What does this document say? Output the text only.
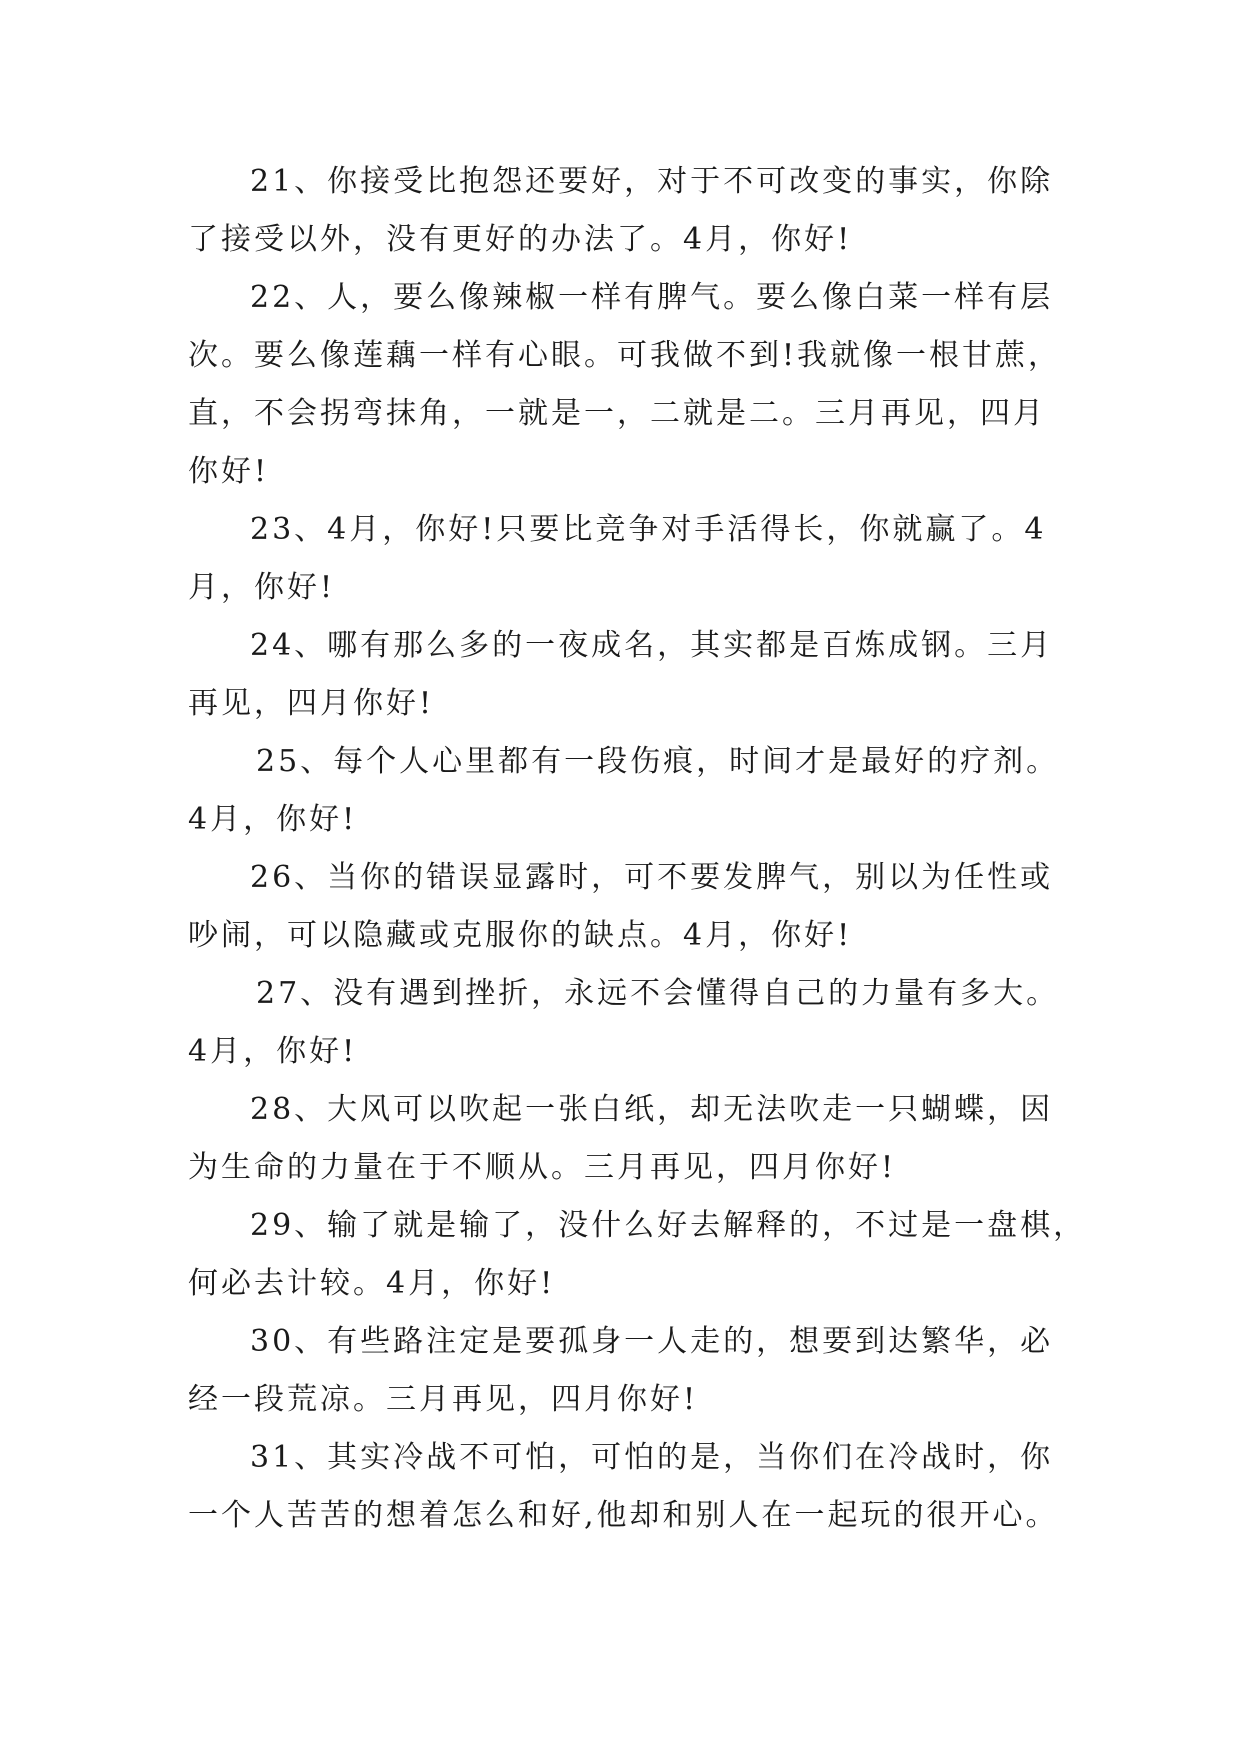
21、你接受比抱怨还要好，对于不可改变的事实，你除
了接受以外，没有更好的办法了。4月，你好!
22、人，要么像辣椒一样有脾气。要么像白菜一样有层
次。要么像莲藕一样有心眼。可我做不到!我就像一根甘蔗，
直，不会拐弯抹角，一就是一，二就是二。三月再见，四月
你好!
23、4月，你好!只要比竞争对手活得长，你就赢了。4
月，你好!
24、哪有那么多的一夜成名，其实都是百炼成钢。三月
再见，四月你好!
25、每个人心里都有一段伤痕，时间才是最好的疗剂。
4月，你好!
26、当你的错误显露时，可不要发脾气，别以为任性或
吵闹，可以隐藏或克服你的缺点。4月，你好!
27、没有遇到挫折，永远不会懂得自己的力量有多大。
4月，你好!
28、大风可以吹起一张白纸，却无法吹走一只蝴蝶，因
为生命的力量在于不顺从。三月再见，四月你好!
29、输了就是输了，没什么好去解释的，不过是一盘棋，
何必去计较。4月，你好!
30、有些路注定是要孤身一人走的，想要到达繁华，必
经一段荒凉。三月再见，四月你好!
31、其实冷战不可怕，可怕的是，当你们在冷战时，你
一个人苦苦的想着怎么和好,他却和别人在一起玩的很开心。
